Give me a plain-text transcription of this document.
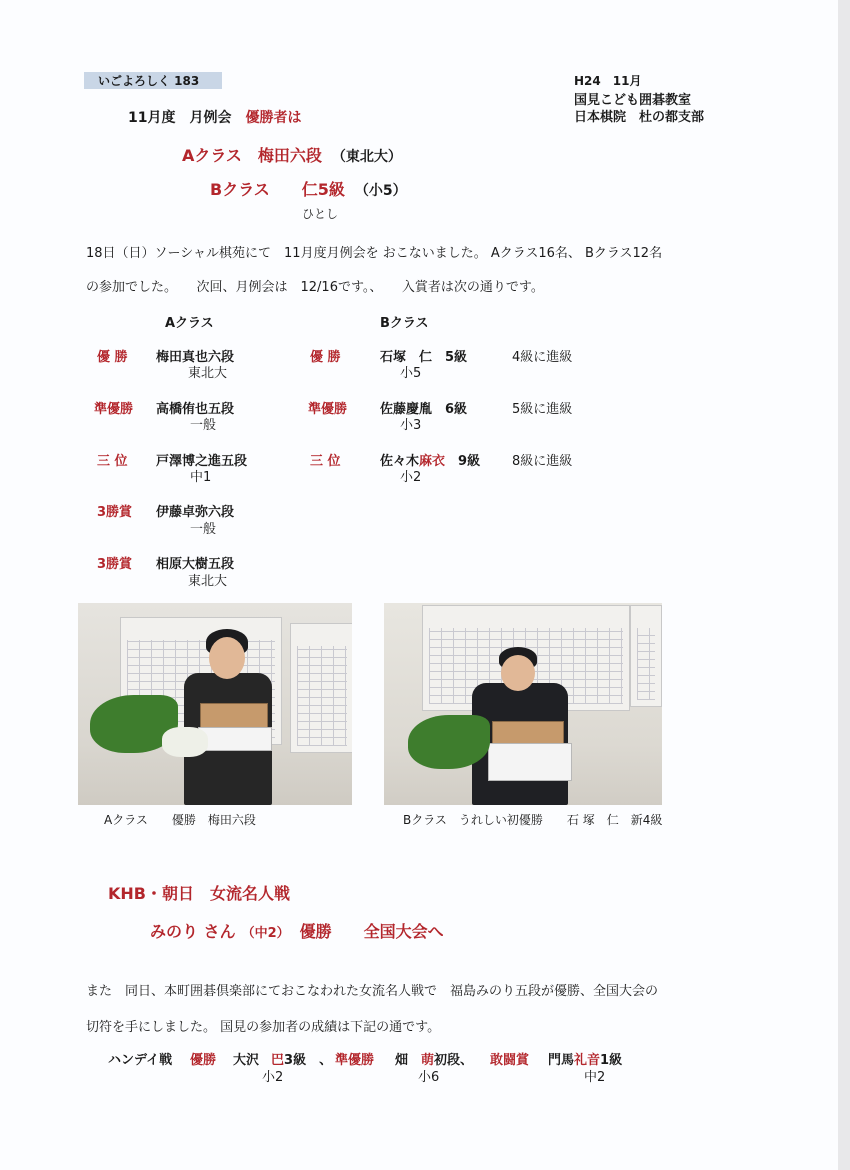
いごよろしく 183	H24　11月
国見こども囲碁教室
日本棋院　杜の都支部
11月度　月例会　優勝者は
Aクラス　梅田六段 （東北大）
Bクラス　　仁5級 （小5）
ひとし
18日（日）ソーシャル棋苑にて　11月度月例会を おこないました。 Aクラス16名、 Bクラス12名
の参加でした。　　次回、月例会は　12/16です。、　　入賞者は次の通りです。
Aクラス	Bクラス
優 勝 梅田真也六段
東北大
準優勝 高橋侑也五段
一般
三 位 戸澤博之進五段
中1
3勝賞 伊藤卓弥六段
一般
3勝賞 相原大樹五段
東北大
優 勝	石塚　仁　5級
小5
4級に進級
準優勝	佐藤慶胤　6級
小3
5級に進級
三 位	佐々木麻衣　9級
小2
8級に進級
Aクラス　　優勝　梅田六段	Bクラス　うれしい初優勝　　石 塚　仁　新4級
KHB・朝日　女流名人戦
みのり さん （中2） 優勝　　全国大会へ
また　同日、本町囲碁倶楽部にておこなわれた女流名人戦で　福島みのり五段が優勝、全国大会の
切符を手にしました。 国見の参加者の成績は下記の通です。
ハンデイ戦 優勝 大沢 巴3級　、
小2
準優勝 畑　萌初段、
小6
敢闘賞 門馬礼音1級
中2
